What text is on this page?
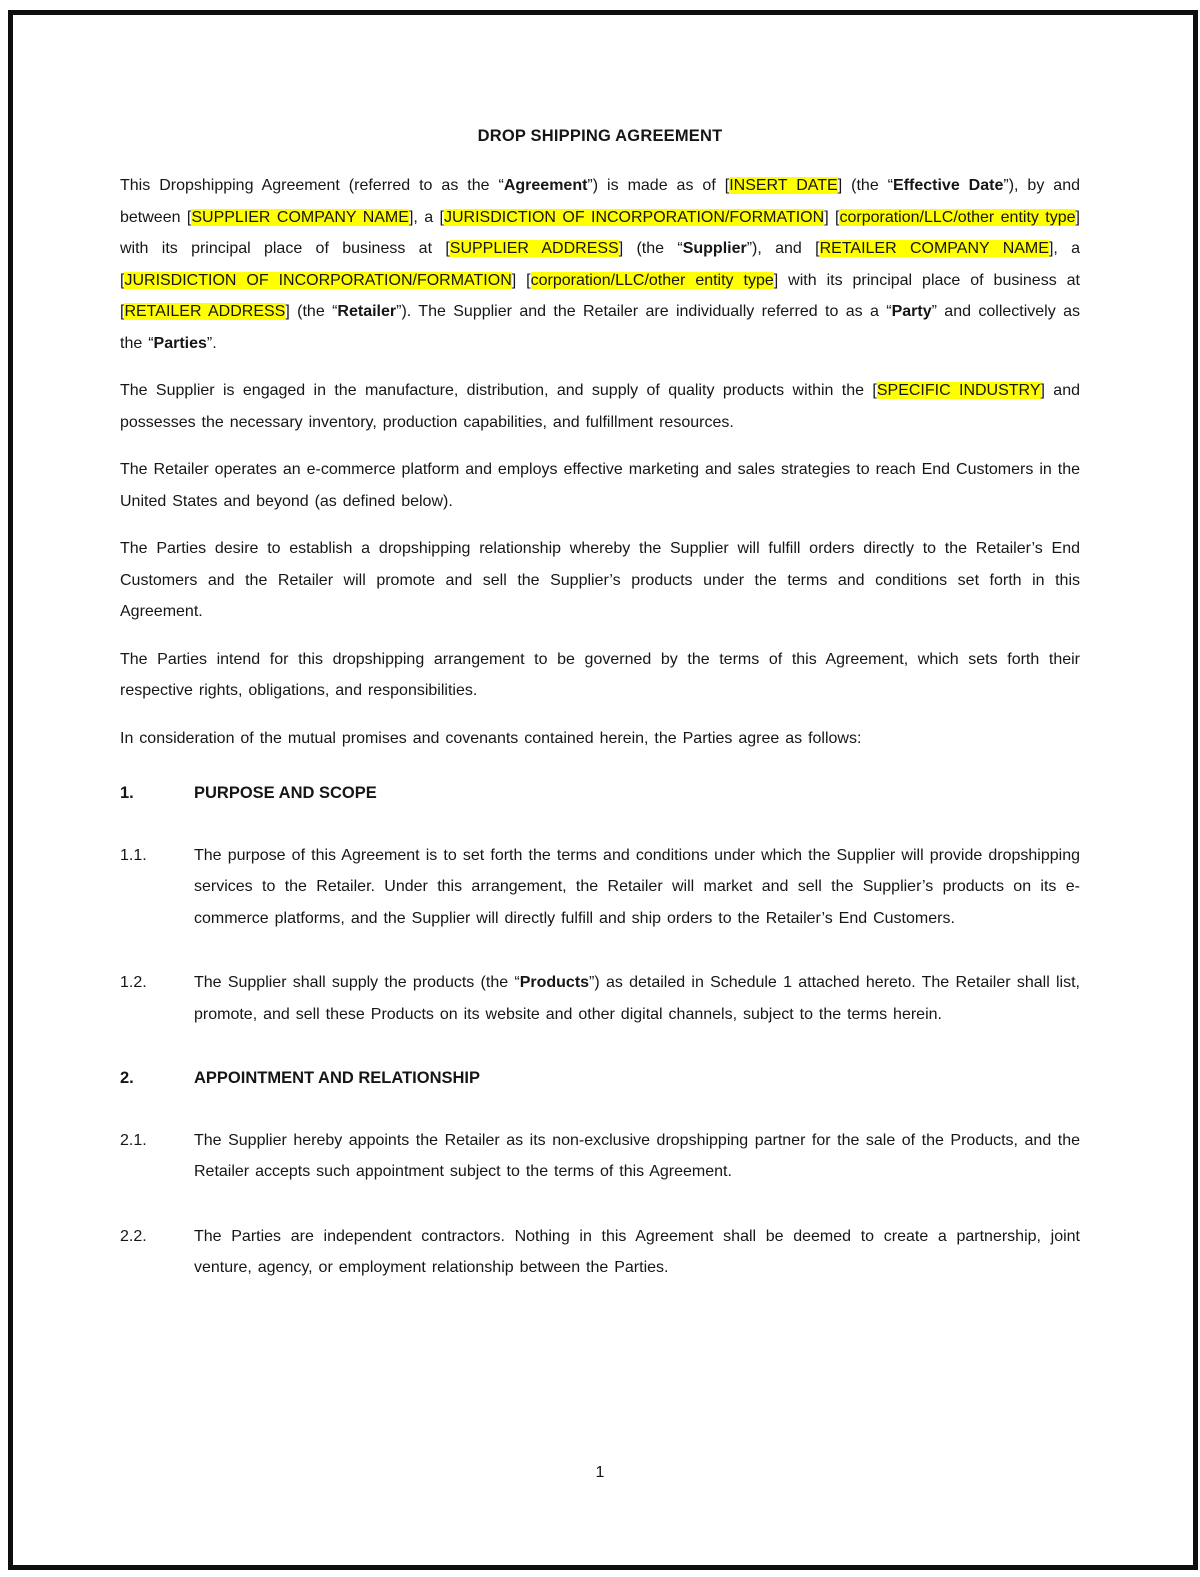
DROP SHIPPING AGREEMENT

This Dropshipping Agreement (referred to as the “Agreement”) is made as of [INSERT DATE] (the “Effective Date”), by and between [SUPPLIER COMPANY NAME], a [JURISDICTION OF INCORPORATION/FORMATION] [corporation/LLC/other entity type] with its principal place of business at [SUPPLIER ADDRESS] (the “Supplier”), and [RETAILER COMPANY NAME], a [JURISDICTION OF INCORPORATION/FORMATION] [corporation/LLC/other entity type] with its principal place of business at [RETAILER ADDRESS] (the “Retailer”). The Supplier and the Retailer are individually referred to as a “Party” and collectively as the “Parties”.

The Supplier is engaged in the manufacture, distribution, and supply of quality products within the [SPECIFIC INDUSTRY] and possesses the necessary inventory, production capabilities, and fulfillment resources.

The Retailer operates an e-commerce platform and employs effective marketing and sales strategies to reach End Customers in the United States and beyond (as defined below).

The Parties desire to establish a dropshipping relationship whereby the Supplier will fulfill orders directly to the Retailer’s End Customers and the Retailer will promote and sell the Supplier’s products under the terms and conditions set forth in this Agreement.

The Parties intend for this dropshipping arrangement to be governed by the terms of this Agreement, which sets forth their respective rights, obligations, and responsibilities.

In consideration of the mutual promises and covenants contained herein, the Parties agree as follows:

1.	PURPOSE AND SCOPE
1.1.	The purpose of this Agreement is to set forth the terms and conditions under which the Supplier will provide dropshipping services to the Retailer. Under this arrangement, the Retailer will market and sell the Supplier’s products on its e-commerce platforms, and the Supplier will directly fulfill and ship orders to the Retailer’s End Customers.

1.2.	The Supplier shall supply the products (the “Products”) as detailed in Schedule 1 attached hereto. The Retailer shall list, promote, and sell these Products on its website and other digital channels, subject to the terms herein.

2.	APPOINTMENT AND RELATIONSHIP
2.1.	The Supplier hereby appoints the Retailer as its non-exclusive dropshipping partner for the sale of the Products, and the Retailer accepts such appointment subject to the terms of this Agreement.

2.2.	The Parties are independent contractors. Nothing in this Agreement shall be deemed to create a partnership, joint venture, agency, or employment relationship between the Parties.

1
